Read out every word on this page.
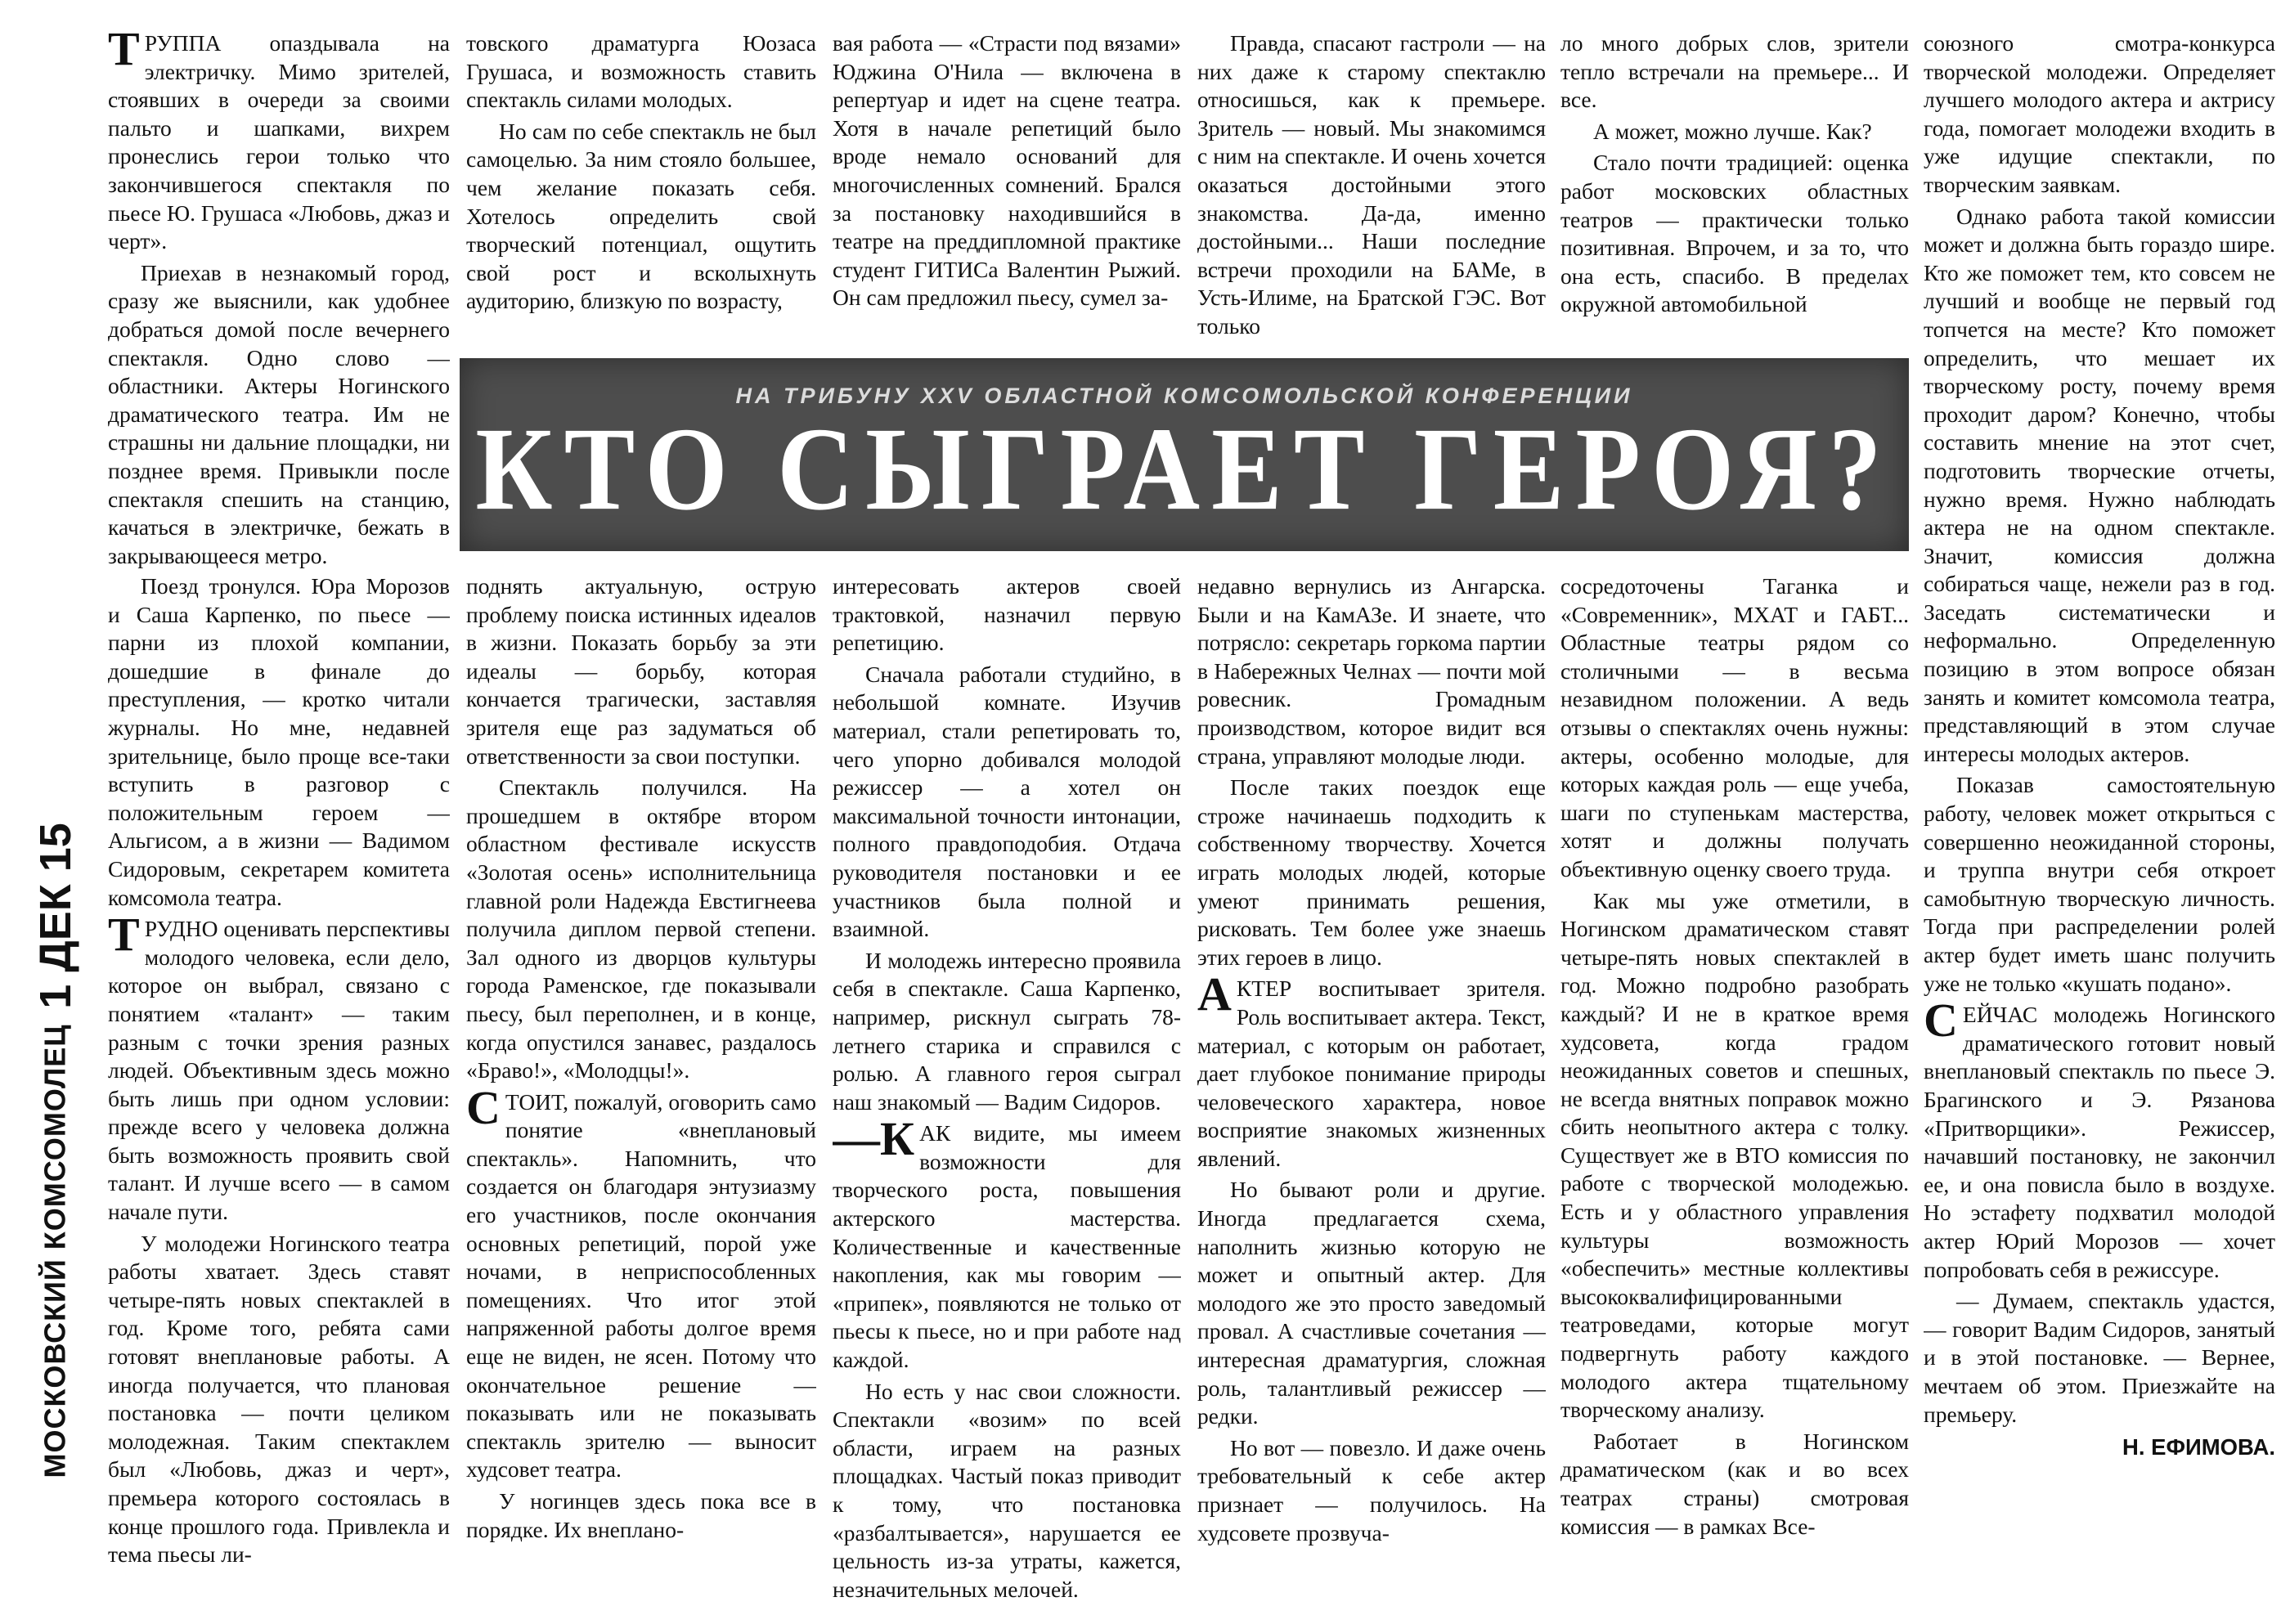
1 ДЕК 15
МОСКОВСКИЙ КОМСОМОЛЕЦ

ТРУППА опаздывала на электричку. Мимо зрителей, стоявших в очереди за своими пальто и шапками, вихрем пронеслись герои только что закончившегося спектакля по пьесе Ю. Грушаса «Любовь, джаз и черт».

Приехав в незнакомый город, сразу же выяснили, как удобнее добраться домой после вечернего спектакля. Одно слово — областники. Актеры Ногинского драматического театра. Им не страшны ни дальние площадки, ни позднее время. Привыкли после спектакля спешить на станцию, качаться в электричке, бежать в закрывающееся метро.

товского драматурга Юозаса Грушаса, и возможность ставить спектакль силами молодых.

Но сам по себе спектакль не был самоцелью. За ним стояло большее, чем желание показать себя. Хотелось определить свой творческий потенциал, ощутить свой рост и всколыхнуть аудиторию, близкую по возрасту,

вая работа — «Страсти под вязами» Юджина О'Нила — включена в репертуар и идет на сцене театра. Хотя в начале репетиций было вроде немало оснований для многочисленных сомнений. Брался за постановку находившийся в театре на преддипломной практике студент ГИТИСа Валентин Рыжий. Он сам предложил пьесу, сумел за-

Правда, спасают гастроли — на них даже к старому спектаклю относишься, как к премьере. Зритель — новый. Мы знакомимся с ним на спектакле. И очень хочется оказаться достойными этого знакомства. Да-да, именно достойными... Наши последние встречи проходили на БАМе, в Усть-Илиме, на Братской ГЭС. Вот только

ло много добрых слов, зрители тепло встречали на премьере... И все.

А может, можно лучше. Как?

Стало почти традицией: оценка работ московских областных театров — практически только позитивная. Впрочем, и за то, что она есть, спасибо. В пределах окружной автомобильной

НА ТРИБУНУ XXV ОБЛАСТНОЙ КОМСОМОЛЬСКОЙ КОНФЕРЕНЦИИ
КТО СЫГРАЕТ ГЕРОЯ?

Поезд тронулся. Юра Морозов и Саша Карпенко, по пьесе — парни из плохой компании, дошедшие в финале до преступления, — кротко читали журналы. Но мне, недавней зрительнице, было проще все-таки вступить в разговор с положительным героем — Альгисом, а в жизни — Вадимом Сидоровым, секретарем комитета комсомола театра.

ТРУДНО оценивать перспективы молодого человека, если дело, которое он выбрал, связано с понятием «талант» — таким разным с точки зрения разных людей. Объективным здесь можно быть лишь при одном условии: прежде всего у человека должна быть возможность проявить свой талант. И лучше всего — в самом начале пути.

У молодежи Ногинского театра работы хватает. Здесь ставят четыре-пять новых спектаклей в год. Кроме того, ребята сами готовят внеплановые работы. А иногда получается, что плановая постановка — почти целиком молодежная. Таким спектаклем был «Любовь, джаз и черт», премьера которого состоялась в конце прошлого года. Привлекла и тема пьесы ли-

поднять актуальную, острую проблему поиска истинных идеалов в жизни. Показать борьбу за эти идеалы — борьбу, которая кончается трагически, заставляя зрителя еще раз задуматься об ответственности за свои поступки.

Спектакль получился. На прошедшем в октябре втором областном фестивале искусств «Золотая осень» исполнительница главной роли Надежда Евстигнеева получила диплом первой степени. Зал одного из дворцов культуры города Раменское, где показывали пьесу, был переполнен, и в конце, когда опустился занавес, раздалось «Браво!», «Молодцы!».

СТОИТ, пожалуй, оговорить само понятие «внеплановый спектакль». Напомнить, что создается он благодаря энтузиазму его участников, после окончания основных репетиций, порой уже ночами, в неприспособленных помещениях. Что итог этой напряженной работы долгое время еще не виден, не ясен. Потому что окончательное решение — показывать или не показывать спектакль зрителю — выносит худсовет театра.

У ногинцев здесь пока все в порядке. Их внеплано-

интересовать актеров своей трактовкой, назначил первую репетицию.

Сначала работали студийно, в небольшой комнате. Изучив материал, стали репетировать то, чего упорно добивался молодой режиссер — а хотел он максимальной точности интонации, полного правдоподобия. Отдача руководителя постановки и ее участников была полной и взаимной.

И молодежь интересно проявила себя в спектакле. Саша Карпенко, например, рискнул сыграть 78-летнего старика и справился с ролью. А главного героя сыграл наш знакомый — Вадим Сидоров.

—К АК видите, мы имеем возможности для творческого роста, повышения актерского мастерства. Количественные и качественные накопления, как мы говорим — «припек», появляются не только от пьесы к пьесе, но и при работе над каждой.

Но есть у нас свои сложности. Спектакли «возим» по всей области, играем на разных площадках. Частый показ приводит к тому, что постановка «разбалтывается», нарушается ее цельность из-за утраты, кажется, незначительных мелочей.

недавно вернулись из Ангарска. Были и на КамАЗе. И знаете, что потрясло: секретарь горкома партии в Набережных Челнах — почти мой ровесник. Громадным производством, которое видит вся страна, управляют молодые люди.

После таких поездок еще строже начинаешь подходить к собственному творчеству. Хочется играть молодых людей, которые умеют принимать решения, рисковать. Тем более уже знаешь этих героев в лицо.

АКТЕР воспитывает зрителя. Роль воспитывает актера. Текст, материал, с которым он работает, дает глубокое понимание природы человеческого характера, новое восприятие знакомых жизненных явлений.

Но бывают роли и другие. Иногда предлагается схема, наполнить жизнью которую не может и опытный актер. Для молодого же это просто заведомый провал. А счастливые сочетания — интересная драматургия, сложная роль, талантливый режиссер — редки.

Но вот — повезло. И даже очень требовательный к себе актер признает — получилось. На худсовете прозвуча-

сосредоточены Таганка и «Современник», МХАТ и ГАБТ... Областные театры рядом со столичными — в весьма незавидном положении. А ведь отзывы о спектаклях очень нужны: актеры, особенно молодые, для которых каждая роль — еще учеба, шаги по ступенькам мастерства, хотят и должны получать объективную оценку своего труда.

Как мы уже отметили, в Ногинском драматическом ставят четыре-пять новых спектаклей в год. Можно подробно разобрать каждый? И не в краткое время худсовета, когда градом неожиданных советов и спешных, не всегда внятных поправок можно сбить неопытного актера с толку. Существует же в ВТО комиссия по работе с творческой молодежью. Есть и у областного управления культуры возможность «обеспечить» местные коллективы высококвалифицированными театроведами, которые могут подвергнуть работу каждого молодого актера тщательному творческому анализу.

Работает в Ногинском драматическом (как и во всех театрах страны) смотровая комиссия — в рамках Все-

союзного смотра-конкурса творческой молодежи. Определяет лучшего молодого актера и актрису года, помогает молодежи входить в уже идущие спектакли, по творческим заявкам.

Однако работа такой комиссии может и должна быть гораздо шире. Кто же поможет тем, кто совсем не лучший и вообще не первый год топчется на месте? Кто поможет определить, что мешает их творческому росту, почему время проходит даром? Конечно, чтобы составить мнение на этот счет, подготовить творческие отчеты, нужно время. Нужно наблюдать актера не на одном спектакле. Значит, комиссия должна собираться чаще, нежели раз в год. Заседать систематически и неформально. Определенную позицию в этом вопросе обязан занять и комитет комсомола театра, представляющий в этом случае интересы молодых актеров.

Показав самостоятельную работу, человек может открыться с совершенно неожиданной стороны, и труппа внутри себя откроет самобытную творческую личность. Тогда при распределении ролей актер будет иметь шанс получить уже не только «кушать подано».

СЕЙЧАС молодежь Ногинского драматического готовит новый внеплановый спектакль по пьесе Э. Брагинского и Э. Рязанова «Притворщики». Режиссер, начавший постановку, не закончил ее, и она повисла было в воздухе. Но эстафету подхватил молодой актер Юрий Морозов — хочет попробовать себя в режиссуре.

— Думаем, спектакль удастся, — говорит Вадим Сидоров, занятый и в этой постановке. — Вернее, мечтаем об этом. Приезжайте на премьеру.

Н. ЕФИМОВА.
